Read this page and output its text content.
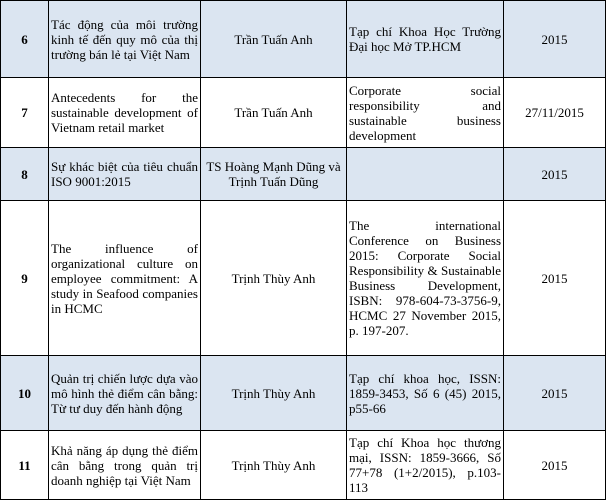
6	Tác động của môi trường kinh tế đến quy mô của thị trường bán lẻ tại Việt Nam	Trần Tuấn Anh	Tạp chí Khoa Học Trường Đại học Mở TP.HCM	2015
7	Antecedents for the sustainable development of Vietnam retail market	Trần Tuấn Anh	Corporate social responsibility and sustainable business development	27/11/2015
8	Sự khác biệt của tiêu chuẩn ISO 9001:2015	TS Hoàng Mạnh Dũng và Trịnh Tuấn Dũng		2015
9	The influence of organizational culture on employee commitment: A study in Seafood companies in HCMC	Trịnh Thùy Anh	The international Conference on Business 2015: Corporate Social Responsibility & Sustainable Business Development, ISBN: 978-604-73-3756-9, HCMC 27 November 2015, p. 197-207.	2015
10	Quản trị chiến lược dựa vào mô hình thẻ điểm cân bằng: Từ tư duy đến hành động	Trịnh Thùy Anh	Tạp chí khoa học, ISSN: 1859-3453, Số 6 (45) 2015, p55-66	2015
11	Khả năng áp dụng thẻ điểm cân bằng trong quản trị doanh nghiệp tại Việt Nam	Trịnh Thùy Anh	Tạp chí Khoa học thương mại, ISSN: 1859-3666, Số 77+78 (1+2/2015), p.103-113	2015
